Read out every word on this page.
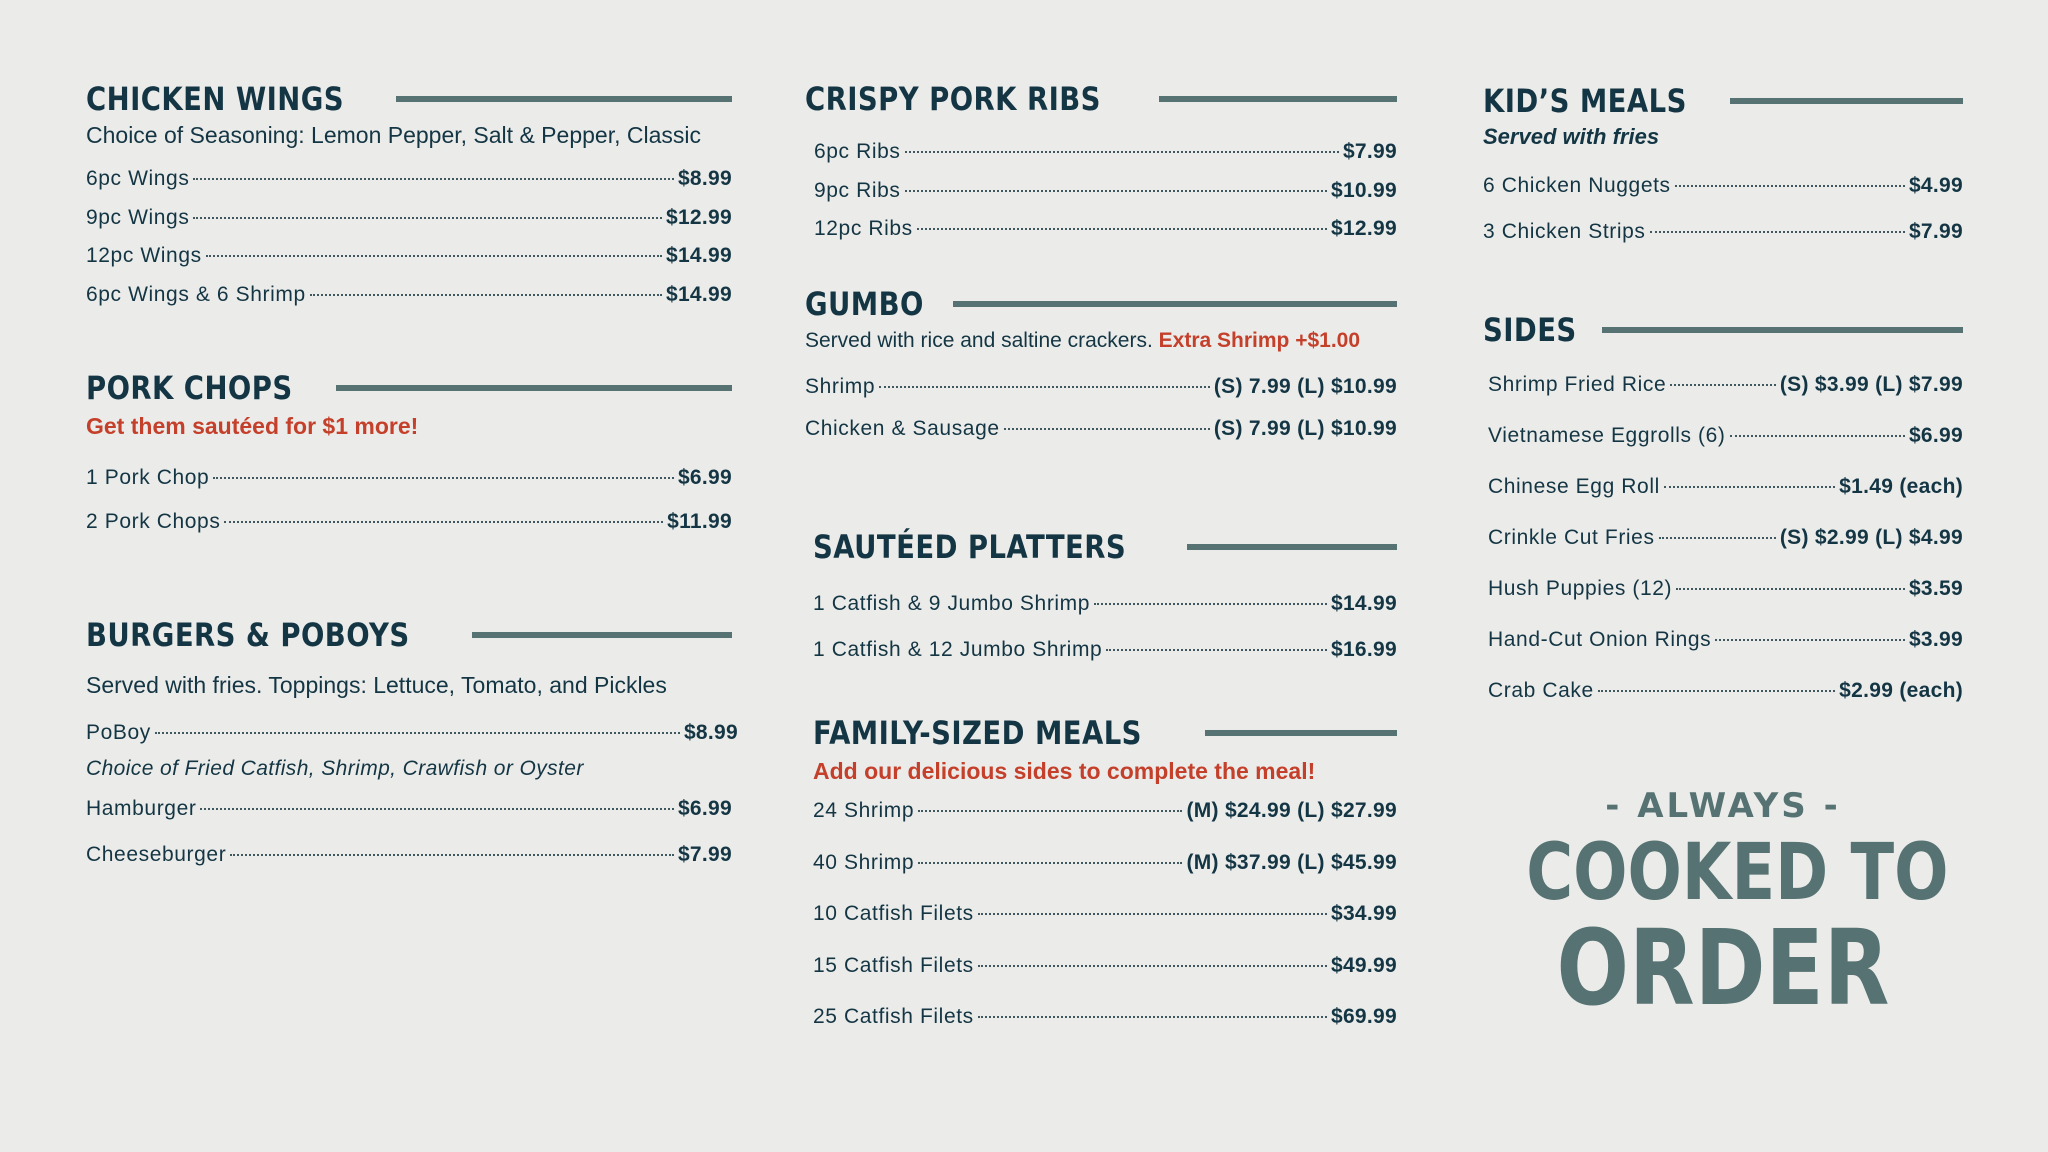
CHICKEN WINGS
Choice of Seasoning: Lemon Pepper, Salt & Pepper, Classic
6pc Wings	$8.99
9pc Wings	$12.99
12pc Wings	$14.99
6pc Wings & 6 Shrimp	$14.99
PORK CHOPS
Get them sautéed for $1 more!
1 Pork Chop	$6.99
2 Pork Chops	$11.99
BURGERS & POBOYS
Served with fries. Toppings: Lettuce, Tomato, and Pickles
PoBoy	$8.99
Choice of Fried Catfish, Shrimp, Crawfish or Oyster
Hamburger	$6.99
Cheeseburger	$7.99
CRISPY PORK RIBS
6pc Ribs	$7.99
9pc Ribs	$10.99
12pc Ribs	$12.99
GUMBO
Served with rice and saltine crackers. Extra Shrimp +$1.00
Shrimp	(S) 7.99 (L) $10.99
Chicken & Sausage	(S) 7.99 (L) $10.99
SAUTÉED PLATTERS
1 Catfish & 9 Jumbo Shrimp	$14.99
1 Catfish & 12 Jumbo Shrimp	$16.99
FAMILY-SIZED MEALS
Add our delicious sides to complete the meal!
24 Shrimp	(M) $24.99 (L) $27.99
40 Shrimp	(M) $37.99 (L) $45.99
10 Catfish Filets	$34.99
15 Catfish Filets	$49.99
25 Catfish Filets	$69.99
KID’S MEALS
Served with fries
6 Chicken Nuggets	$4.99
3 Chicken Strips	$7.99
SIDES
Shrimp Fried Rice	(S) $3.99 (L) $7.99
Vietnamese Eggrolls (6)	$6.99
Chinese Egg Roll	$1.49 (each)
Crinkle Cut Fries	(S) $2.99 (L) $4.99
Hush Puppies (12)	$3.59
Hand-Cut Onion Rings	$3.99
Crab Cake	$2.99 (each)
- ALWAYS -
COOKED TO
ORDER
